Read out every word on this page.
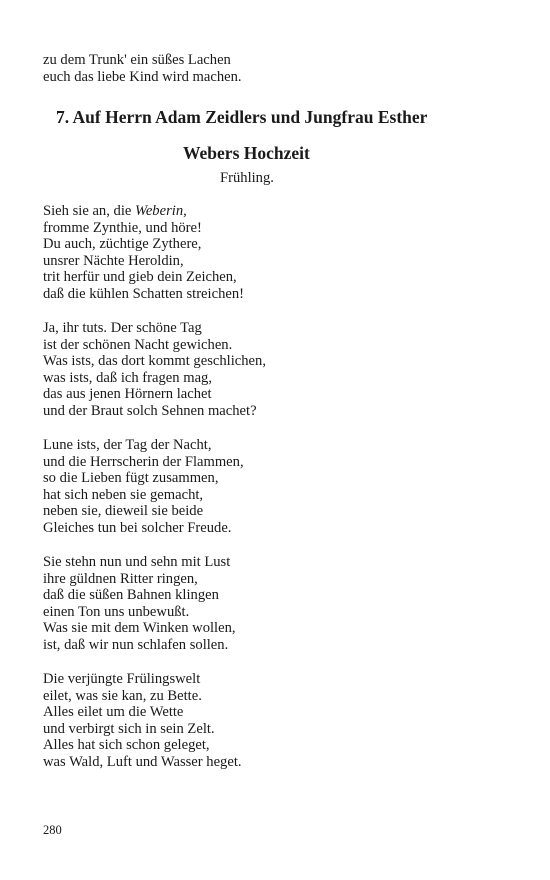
zu dem Trunk' ein süßes Lachen

euch das liebe Kind wird machen.

7. Auf Herrn Adam Zeidlers und Jungfrau Esther
Webers Hochzeit

Frühling.

Sieh sie an, die Weberin,

fromme Zynthie, und höre!

Du auch, züchtige Zythere,

unsrer Nächte Heroldin,

trit herfür und gieb dein Zeichen,

daß die kühlen Schatten streichen!

Ja, ihr tuts. Der schöne Tag

ist der schönen Nacht gewichen.

Was ists, das dort kommt geschlichen,

was ists, daß ich fragen mag,

das aus jenen Hörnern lachet

und der Braut solch Sehnen machet?

Lune ists, der Tag der Nacht,

und die Herrscherin der Flammen,

so die Lieben fügt zusammen,

hat sich neben sie gemacht,

neben sie, dieweil sie beide

Gleiches tun bei solcher Freude.

Sie stehn nun und sehn mit Lust

ihre güldnen Ritter ringen,

daß die süßen Bahnen klingen

einen Ton uns unbewußt.

Was sie mit dem Winken wollen,

ist, daß wir nun schlafen sollen.

Die verjüngte Frülingswelt

eilet, was sie kan, zu Bette.

Alles eilet um die Wette

und verbirgt sich in sein Zelt.

Alles hat sich schon geleget,

was Wald, Luft und Wasser heget.

280
